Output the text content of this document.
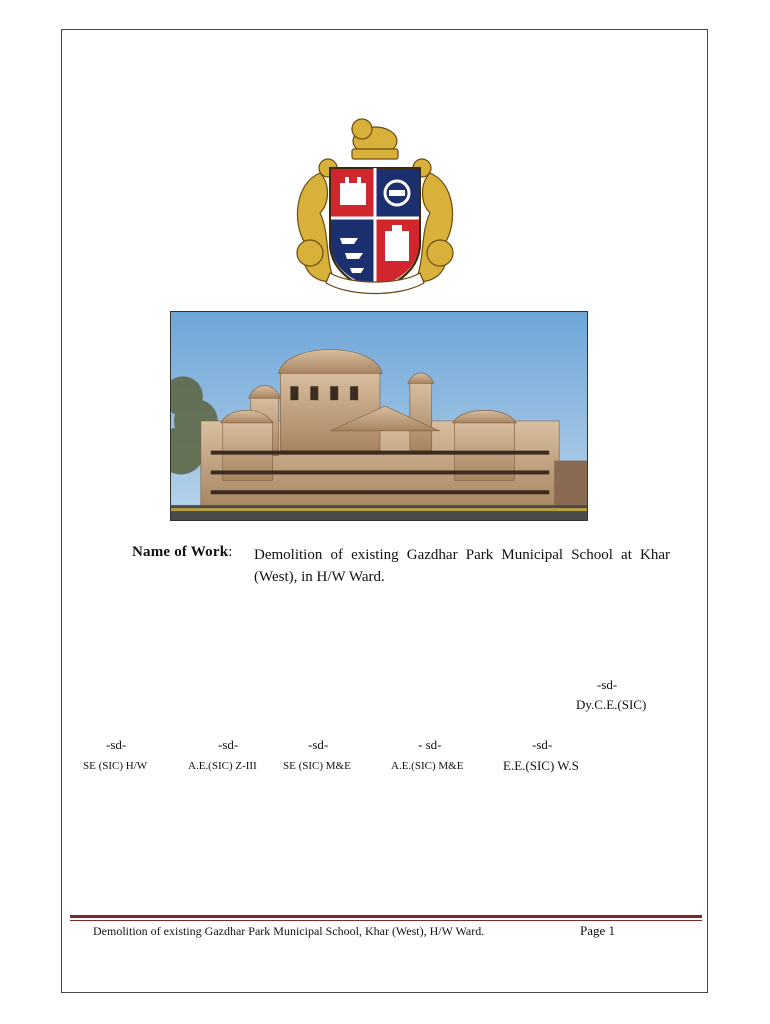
Name of Work: Demolition of existing Gazdhar Park Municipal School at Khar (West), in H/W Ward.
-sd-
Dy.C.E.(SIC)
-sd-
SE (SIC) H/W
-sd-
A.E.(SIC) Z-III
-sd-
SE (SIC) M&E
- sd-
A.E.(SIC) M&E
-sd-
E.E.(SIC) W.S
Demolition of existing Gazdhar Park Municipal School, Khar (West), H/W Ward.	Page 1
